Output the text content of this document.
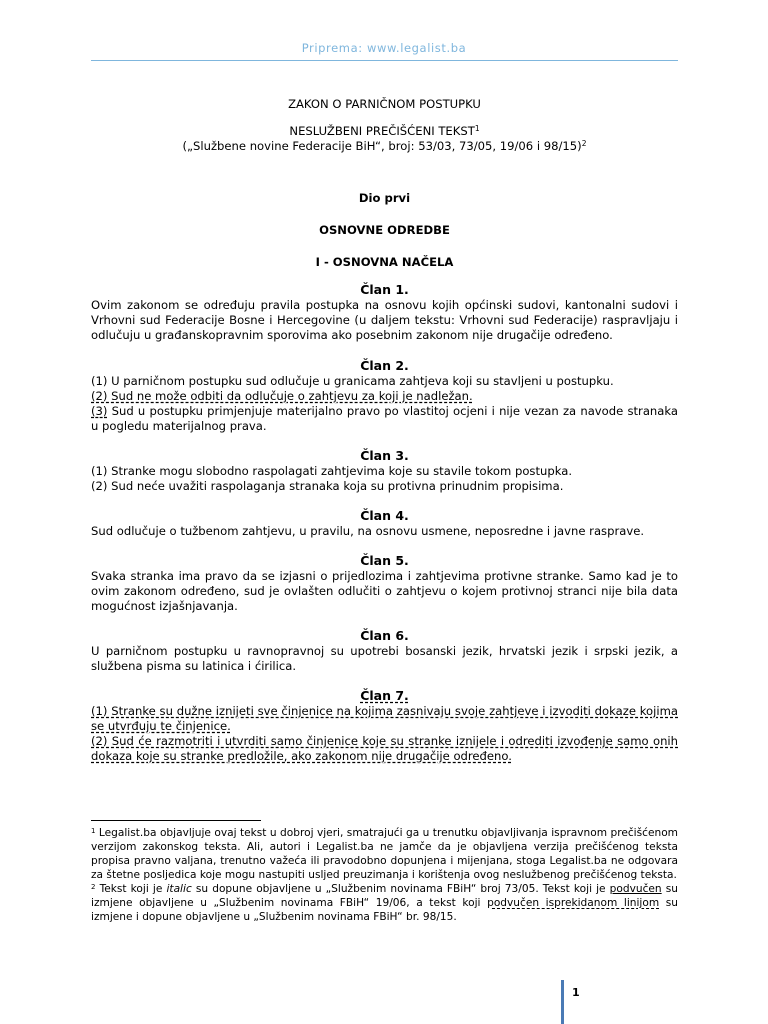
Priprema: www.legalist.ba
ZAKON O PARNIČNOM POSTUPKU
NESLUŽBENI PREČIŠĆENI TEKST$^1$
(„Službene novine Federacije BiH“, broj: 53/03, 73/05, 19/06 i 98/15)$^2$
Dio prvi
OSNOVNE ODREDBE
I - OSNOVNA NAČELA

Član 1.

Ovim zakonom se određuju pravila postupka na osnovu kojih općinski sudovi, kantonalni sudovi i Vrhovni sud Federacije Bosne i Hercegovine (u daljem tekstu: Vrhovni sud Federacije) raspravljaju i odlučuju u građanskopravnim sporovima ako posebnim zakonom nije drugačije određeno.

Član 2.

(1) U parničnom postupku sud odlučuje u granicama zahtjeva koji su stavljeni u postupku.

(2) Sud ne može odbiti da odlučuje o zahtjevu za koji je nadležan.

(3) Sud u postupku primjenjuje materijalno pravo po vlastitoj ocjeni i nije vezan za navode stranaka u pogledu materijalnog prava.

Član 3.

(1) Stranke mogu slobodno raspolagati zahtjevima koje su stavile tokom postupka.

(2) Sud neće uvažiti raspolaganja stranaka koja su protivna prinudnim propisima.

Član 4.

Sud odlučuje o tužbenom zahtjevu, u pravilu, na osnovu usmene, neposredne i javne rasprave.

Član 5.

Svaka stranka ima pravo da se izjasni o prijedlozima i zahtjevima protivne stranke. Samo kad je to ovim zakonom određeno, sud je ovlašten odlučiti o zahtjevu o kojem protivnoj stranci nije bila data mogućnost izjašnjavanja.

Član 6.

U parničnom postupku u ravnopravnoj su upotrebi bosanski jezik, hrvatski jezik i srpski jezik, a službena pisma su latinica i ćirilica.

Član 7.

(1) Stranke su dužne iznijeti sve činjenice na kojima zasnivaju svoje zahtjeve i izvoditi dokaze kojima se utvrđuju te činjenice.

(2) Sud će razmotriti i utvrditi samo činjenice koje su stranke iznijele i odrediti izvođenje samo onih dokaza koje su stranke predložile, ako zakonom nije drugačije određeno.

$^1$ Legalist.ba objavljuje ovaj tekst u dobroj vjeri, smatrajući ga u trenutku objavljivanja ispravnom prečišćenom verzijom zakonskog teksta. Ali, autori i Legalist.ba ne jamče da je objavljena verzija prečišćenog teksta propisa pravno valjana, trenutno važeća ili pravodobno dopunjena i mijenjana, stoga Legalist.ba ne odgovara za štetne posljedica koje mogu nastupiti usljed preuzimanja i korištenja ovog neslužbenog prečišćenog teksta.

$^2$ Tekst koji je italic su dopune objavljene u „Službenim novinama FBiH“ broj 73/05. Tekst koji je podvučen su izmjene objavljene u „Službenim novinama FBiH“ 19/06, a tekst koji podvučen isprekidanom linijom su izmjene i dopune objavljene u „Službenim novinama FBiH“ br. 98/15.

1
